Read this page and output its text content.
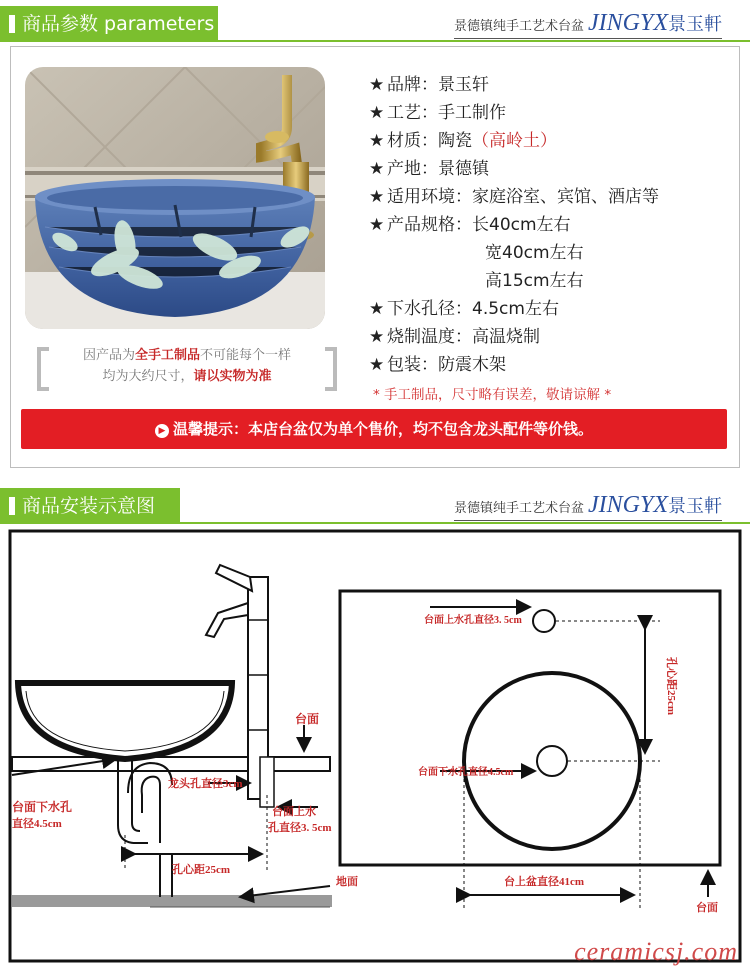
商品参数 parameters	景德镇纯手工艺术台盆 JINGYX景玉軒
因产品为全手工制品不可能每个一样
均为大约尺寸，请以实物为准
★ 品牌：景玉轩
★ 工艺：手工制作
★ 材质：陶瓷（高岭土）
★ 产地：景德镇
★ 适用环境：家庭浴室、宾馆、酒店等
★ 产品规格：长40cm左右
宽40cm左右
高15cm左右
★ 下水孔径：4.5cm左右
★ 烧制温度：高温烧制
★ 包装：防震木架
* 手工制品，尺寸略有误差，敬请谅解 *
▶ 温馨提示：本店台盆仅为单个售价，均不包含龙头配件等价钱。
商品安装示意图	景德镇纯手工艺术台盆 JINGYX景玉軒
台面
台面下水孔
直径4.5cm
龙头孔直径3cm
台面上水
孔直径3. 5cm
孔心距25cm
地面
台面上水孔直径3. 5cm
孔心距25cm
台面下水孔直径4.5cm
台上盆直径41cm
台面
ceramicsj.com
